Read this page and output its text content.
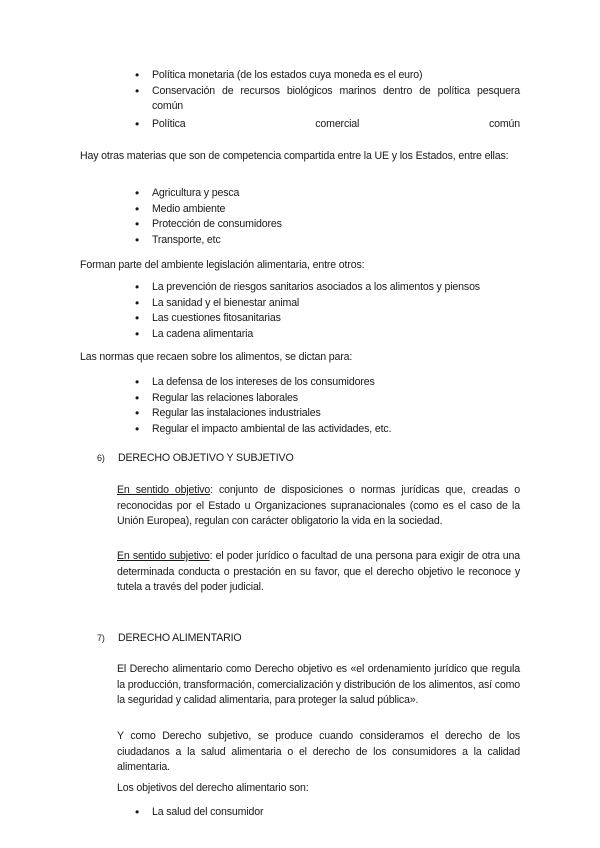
• Política monetaria (de los estados cuya moneda es el euro)
• Conservación de recursos biológicos marinos dentro de política pesquera común
• Política comercial común

Hay otras materias que son de competencia compartida entre la UE y los Estados, entre ellas:

• Agricultura y pesca
• Medio ambiente
• Protección de consumidores
• Transporte, etc

Forman parte del ambiente legislación alimentaria, entre otros:

• La prevención de riesgos sanitarios asociados a los alimentos y piensos
• La sanidad y el bienestar animal
• Las cuestiones fitosanitarias
• La cadena alimentaria

Las normas que recaen sobre los alimentos, se dictan para:

• La defensa de los intereses de los consumidores
• Regular las relaciones laborales
• Regular las instalaciones industriales
• Regular el impacto ambiental de las actividades, etc.
6) DERECHO OBJETIVO Y SUBJETIVO

En sentido objetivo: conjunto de disposiciones o normas jurídicas que, creadas o reconocidas por el Estado u Organizaciones supranacionales (como es el caso de la Unión Europea), regulan con carácter obligatorio la vida en la sociedad.

En sentido subjetivo: el poder jurídico o facultad de una persona para exigir de otra una determinada conducta o prestación en su favor, que el derecho objetivo le reconoce y tutela a través del poder judicial.

7) DERECHO ALIMENTARIO

El Derecho alimentario como Derecho objetivo es «el ordenamiento jurídico que regula la producción, transformación, comercialización y distribución de los alimentos, así como la seguridad y calidad alimentaria, para proteger la salud pública».

Y como Derecho subjetivo, se produce cuando consideramos el derecho de los ciudadanos a la salud alimentaria o el derecho de los consumidores a la calidad alimentaria.

Los objetivos del derecho alimentario son:

• La salud del consumidor
